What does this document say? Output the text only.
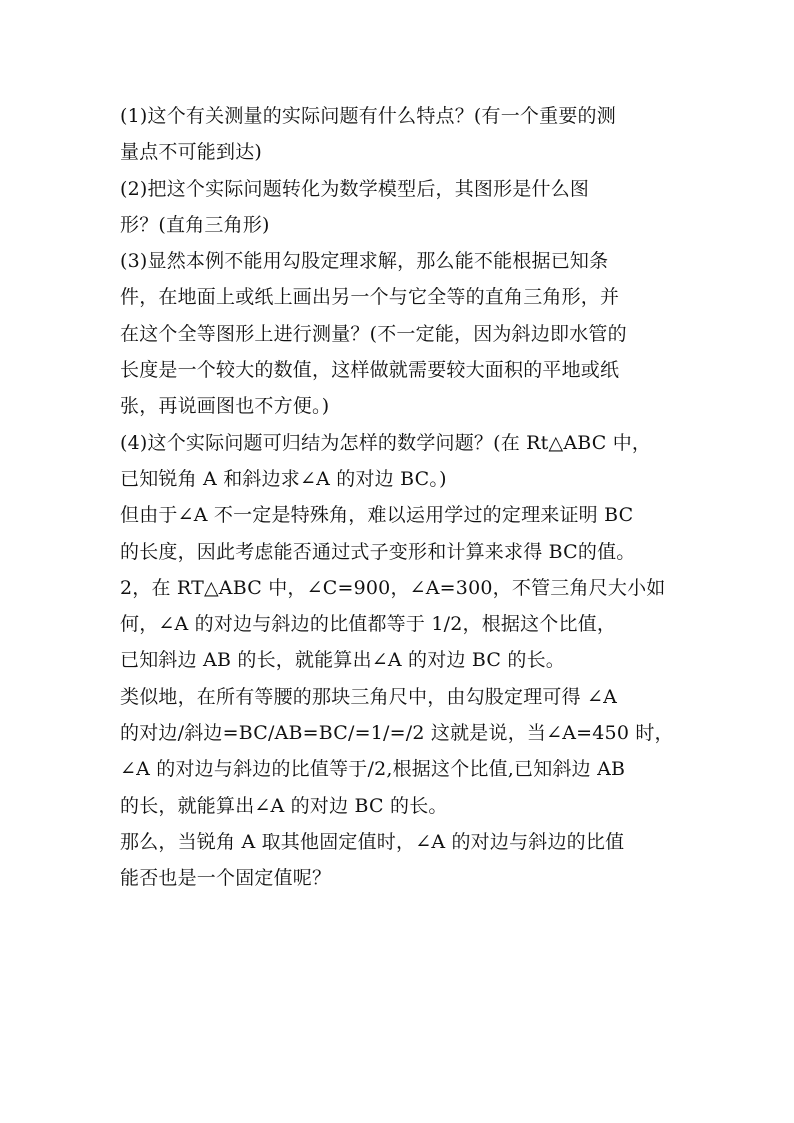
(1)这个有关测量的实际问题有什么特点？(有一个重要的测
量点不可能到达)
(2)把这个实际问题转化为数学模型后，其图形是什么图
形？(直角三角形)
(3)显然本例不能用勾股定理求解，那么能不能根据已知条
件，在地面上或纸上画出另一个与它全等的直角三角形，并
在这个全等图形上进行测量？(不一定能，因为斜边即水管的
长度是一个较大的数值，这样做就需要较大面积的平地或纸
张，再说画图也不方便。)
(4)这个实际问题可归结为怎样的数学问题？(在 Rt△ABC 中，
已知锐角 A 和斜边求∠A 的对边 BC。)
但由于∠A 不一定是特殊角，难以运用学过的定理来证明 BC
的长度，因此考虑能否通过式子变形和计算来求得 BC的值。
2，在 RT△ABC 中，∠C=900，∠A=300，不管三角尺大小如
何，∠A 的对边与斜边的比值都等于 1/2，根据这个比值，
已知斜边 AB 的长，就能算出∠A 的对边 BC 的长。
类似地，在所有等腰的那块三角尺中，由勾股定理可得 ∠A
的对边/斜边=BC/AB=BC/=1/=/2 这就是说，当∠A=450 时，
∠A 的对边与斜边的比值等于/2,根据这个比值,已知斜边 AB
的长，就能算出∠A 的对边 BC 的长。
那么，当锐角 A 取其他固定值时，∠A 的对边与斜边的比值
能否也是一个固定值呢？
